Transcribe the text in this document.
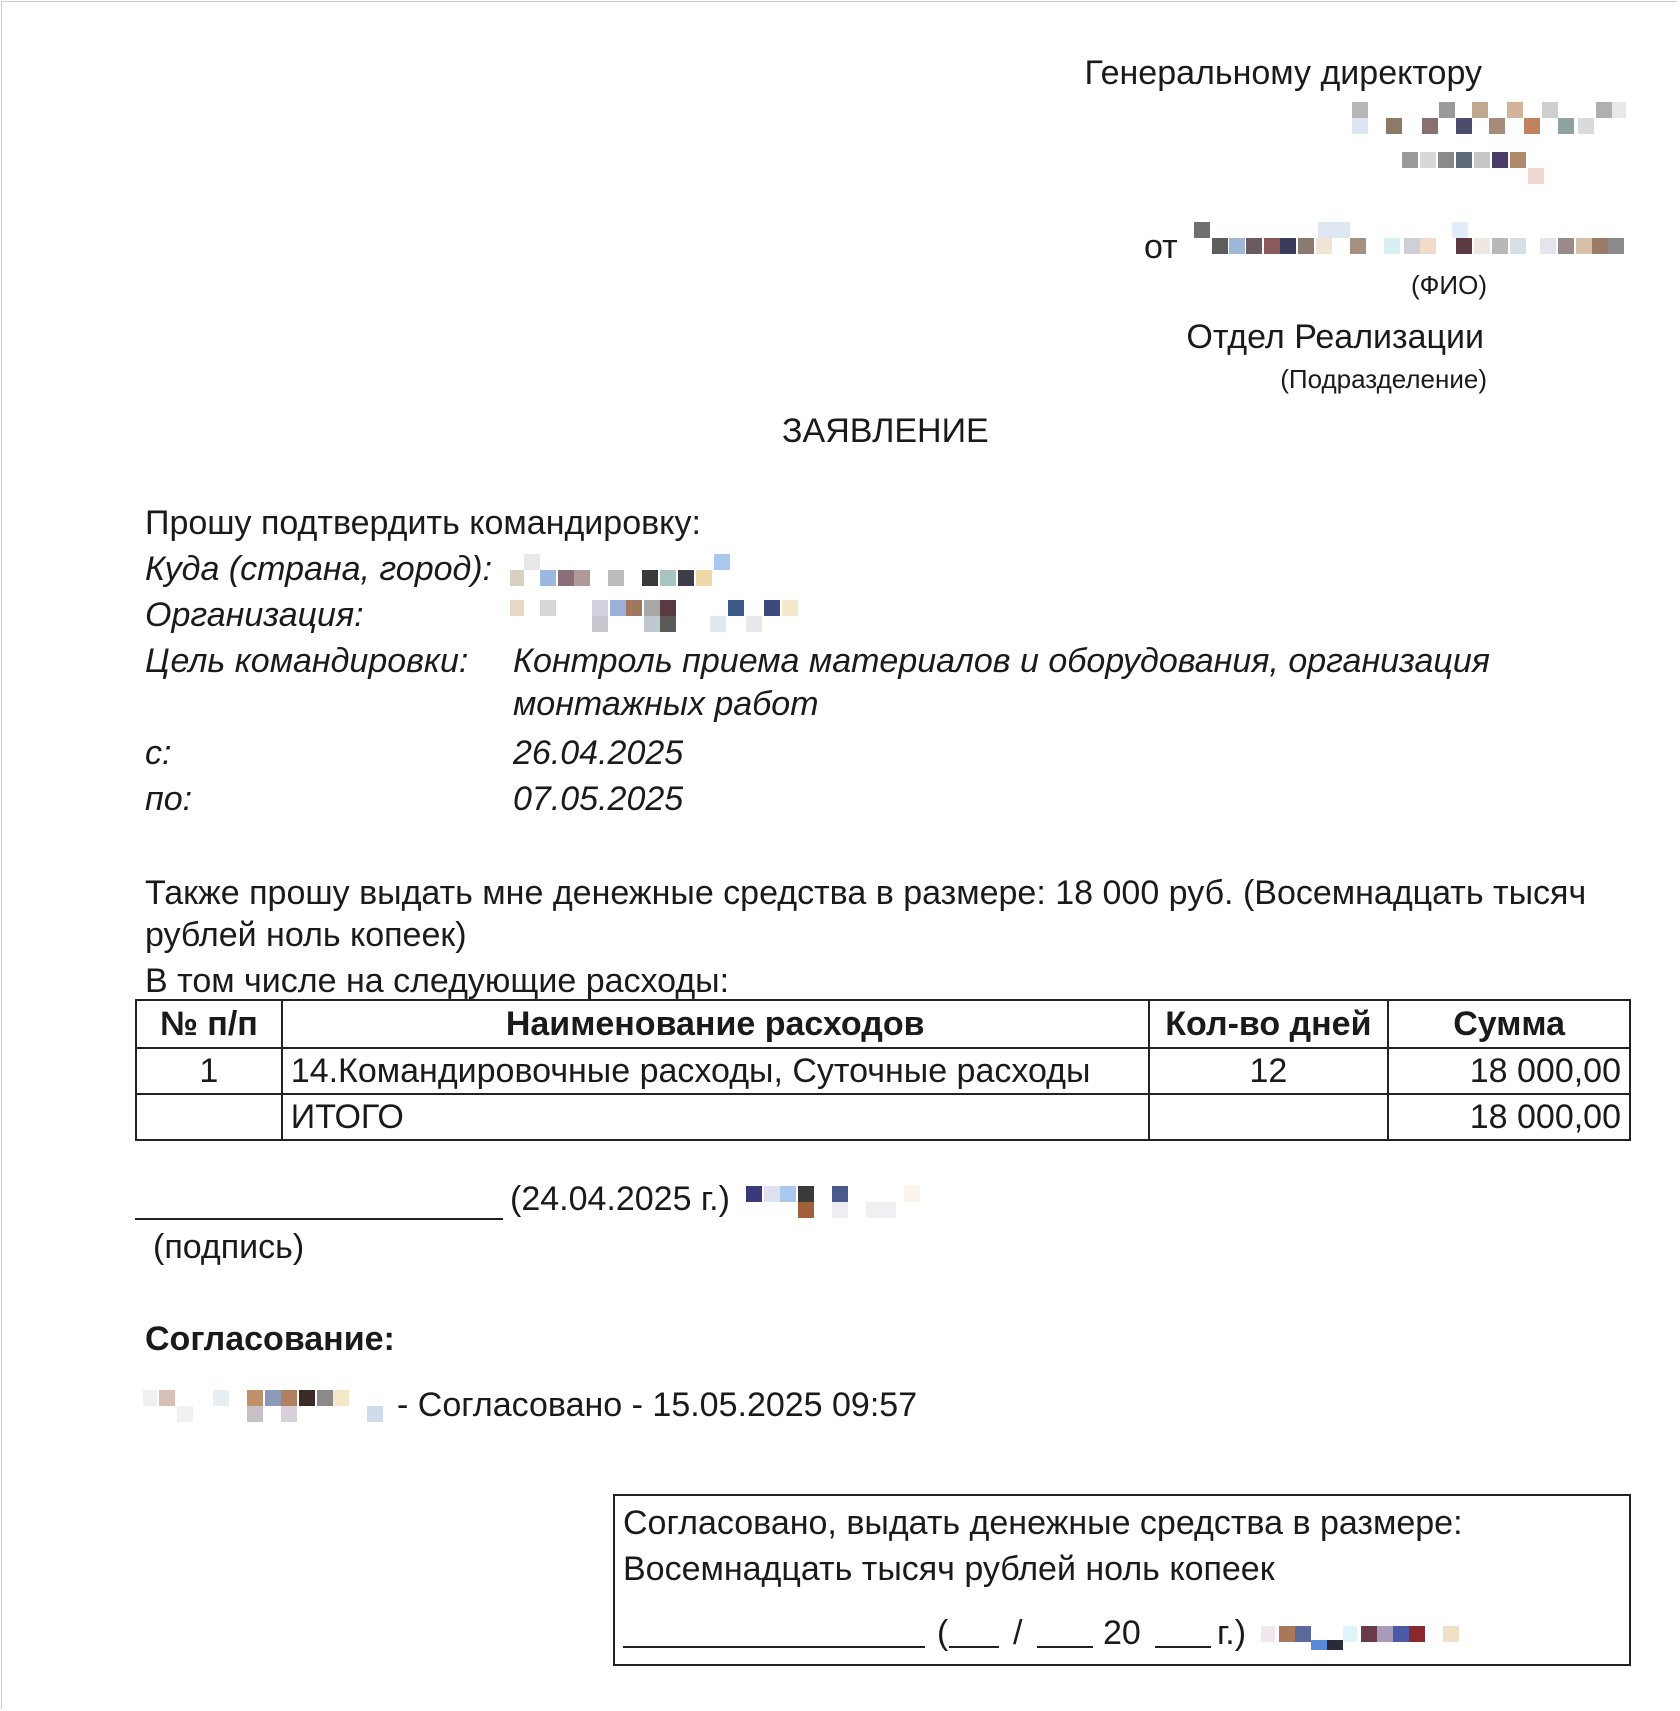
Генеральному директору
от
(ФИО)
Отдел Реализации
(Подразделение)
ЗАЯВЛЕНИЕ
Прошу подтвердить командировку:
Куда (страна, город):
Организация:
Цель командировки: Контроль приема материалов и оборудования, организация
монтажных работ
с:	26.04.2025
по:	07.05.2025
Также прошу выдать мне денежные средства в размере: 18 000 руб. (Восемнадцать тысяч
рублей ноль копеек)
В том числе на следующие расходы:
№ п/п	Наименование расходов	Кол-во дней	Сумма
1	14.Командировочные расходы, Суточные расходы	12	18 000,00
	ИТОГО		18 000,00
(24.04.2025 г.)
(подпись)
Согласование:
- Согласовано - 15.05.2025 09:57
Согласовано, выдать денежные средства в размере:
Восемнадцать тысяч рублей ноль копеек
( / 20 г.)
